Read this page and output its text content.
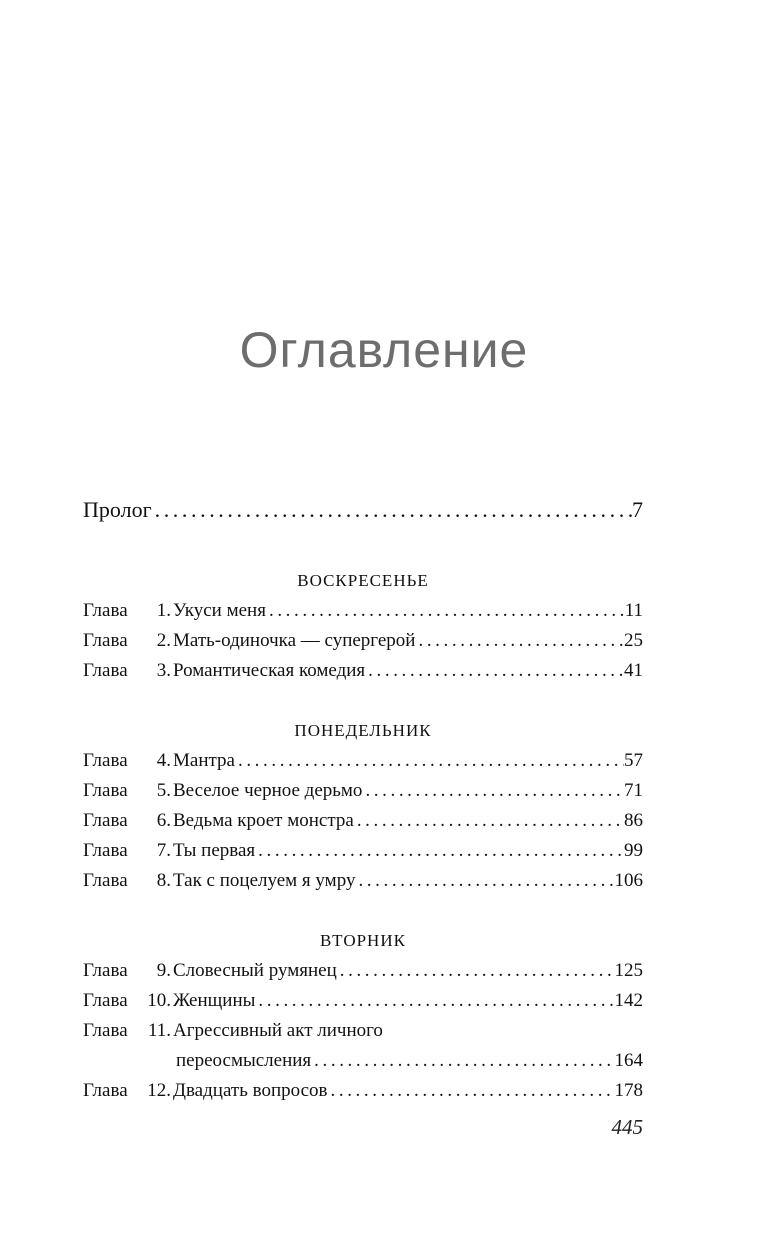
Оглавление
Пролог .....	7
ВОСКРЕСЕНЬЕ
Глава	1. Укуси меня .....	11
Глава	2. Мать-одиночка — супергерой .....	25
Глава	3. Романтическая комедия .....	41
ПОНЕДЕЛЬНИК
Глава	4. Мантра .....	57
Глава	5. Веселое черное дерьмо .....	71
Глава	6. Ведьма кроет монстра .....	86
Глава	7. Ты первая .....	99
Глава	8. Так с поцелуем я умру .....	106
ВТОРНИК
Глава	9. Словесный румянец .....	125
Глава	10. Женщины .....	142
Глава	11. Агрессивный акт личного
переосмысления .....	164
Глава	12. Двадцать вопросов .....	178
445
